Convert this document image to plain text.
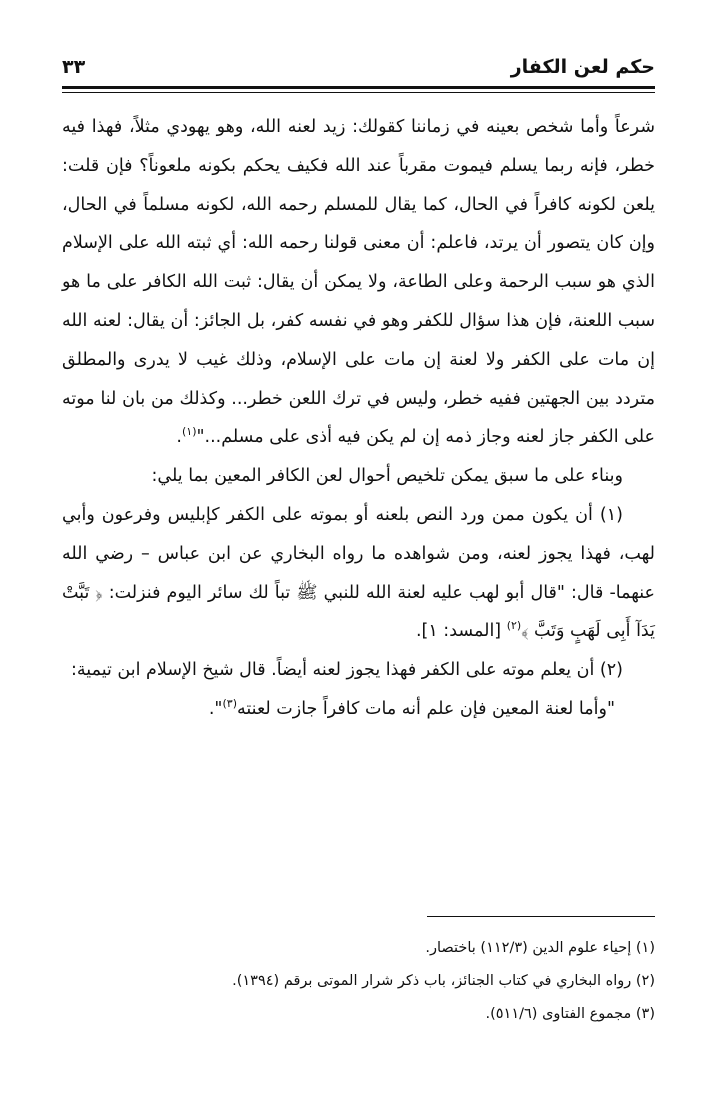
حكم لعن الكفار
٣٣

شرعاً وأما شخص بعينه في زماننا كقولك: زيد لعنه الله، وهو يهودي مثلاً، فهذا فيه خطر، فإنه ربما يسلم فيموت مقرباً عند الله فكيف يحكم بكونه ملعوناً؟ فإن قلت: يلعن لكونه كافراً في الحال، كما يقال للمسلم رحمه الله، لكونه مسلماً في الحال، وإن كان يتصور أن يرتد، فاعلم: أن معنى قولنا رحمه الله: أي ثبته الله على الإسلام الذي هو سبب الرحمة وعلى الطاعة، ولا يمكن أن يقال: ثبت الله الكافر على ما هو سبب اللعنة، فإن هذا سؤال للكفر وهو في نفسه كفر، بل الجائز: أن يقال: لعنه الله إن مات على الكفر ولا لعنة إن مات على الإسلام، وذلك غيب لا يدرى والمطلق متردد بين الجهتين ففيه خطر، وليس في ترك اللعن خطر... وكذلك من بان لنا موته على الكفر جاز لعنه وجاز ذمه إن لم يكن فيه أذى على مسلم..."$^{(١)}$.

وبناء على ما سبق يمكن تلخيص أحوال لعن الكافر المعين بما يلي:

(١) أن يكون ممن ورد النص بلعنه أو بموته على الكفر كإبليس وفرعون وأبي لهب، فهذا يجوز لعنه، ومن شواهده ما رواه البخاري عن ابن عباس – رضي الله عنهما- قال: "قال أبو لهب عليه لعنة الله للنبي ﷺ تباً لك سائر اليوم فنزلت: ﴿ تَبَّتْ يَدَآ أَبِى لَهَبٍ وَتَبَّ ﴾$^{(٢)}$ [المسد: ١].

(٢) أن يعلم موته على الكفر فهذا يجوز لعنه أيضاً. قال شيخ الإسلام ابن تيمية:

"وأما لعنة المعين فإن علم أنه مات كافراً جازت لعنته$^{(٣)}$".

(١) إحياء علوم الدين (١١٢/٣) باختصار.
(٢) رواه البخاري في كتاب الجنائز، باب ذكر شرار الموتى برقم (١٣٩٤).
(٣) مجموع الفتاوى (٥١١/٦).
